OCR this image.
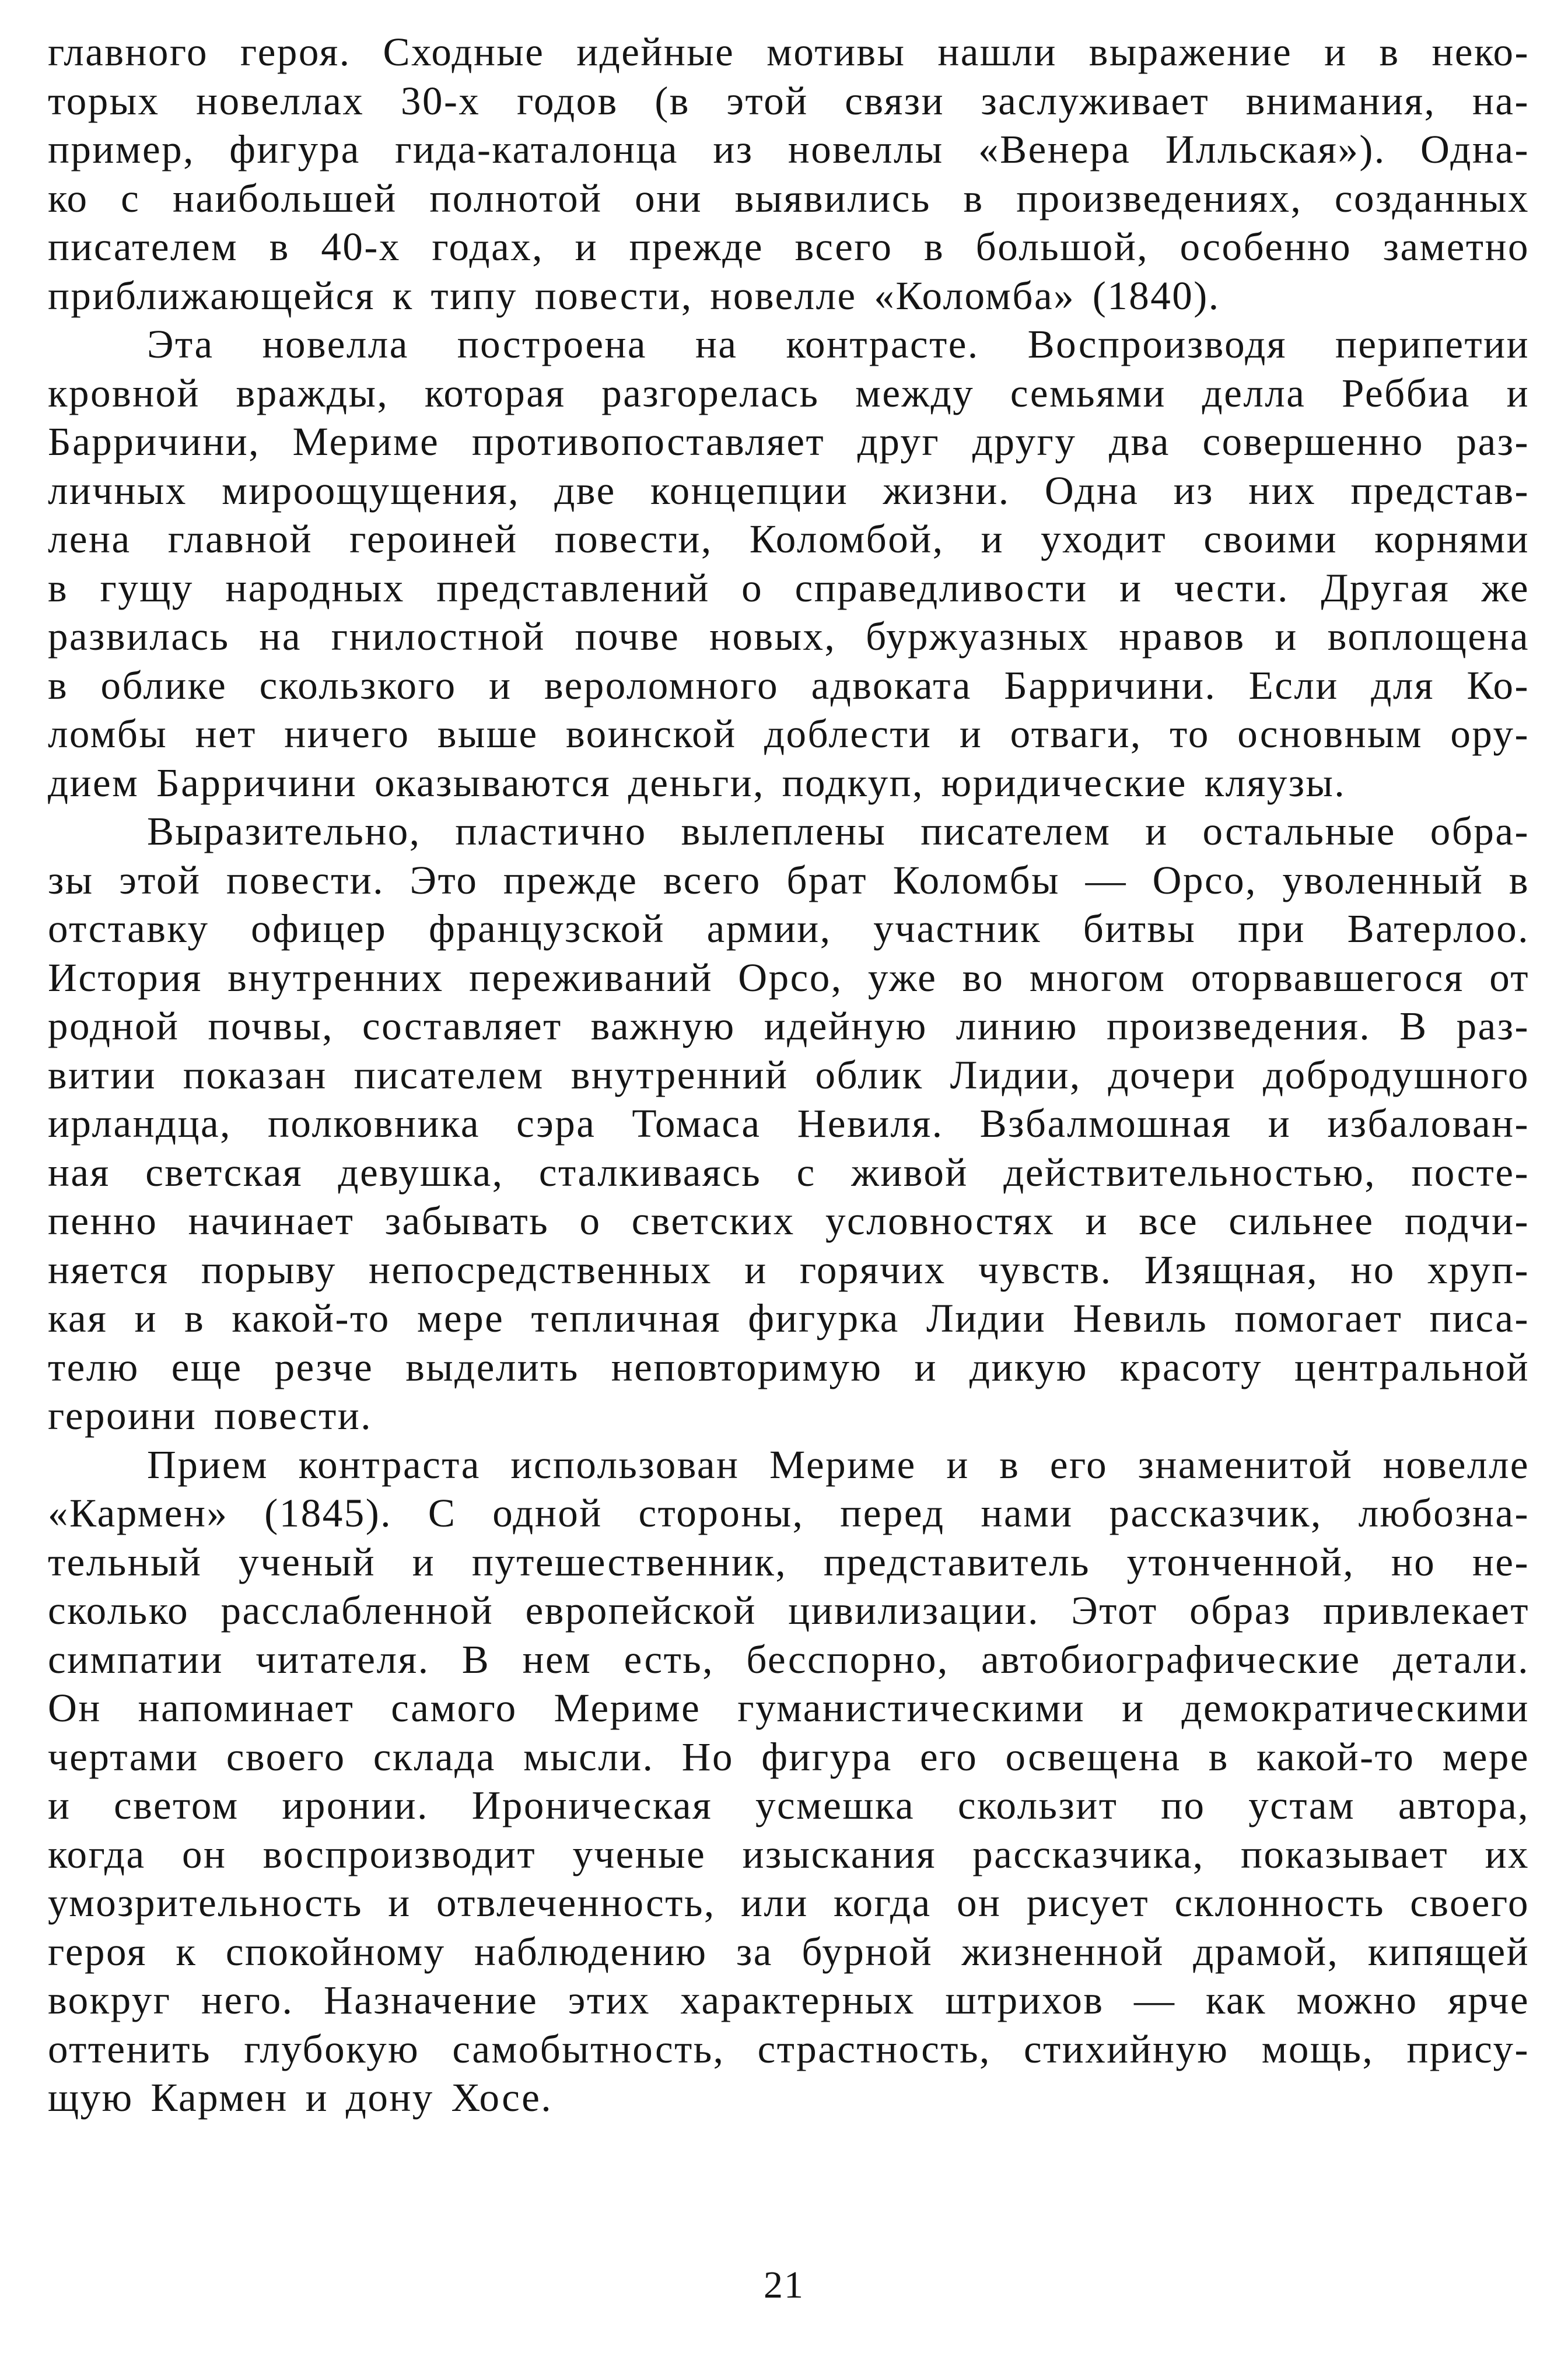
главного героя. Сходные идейные мотивы нашли выражение и в неко-
торых новеллах 30-х годов (в этой связи заслуживает внимания, на-
пример, фигура гида-каталонца из новеллы «Венера Илльская»). Одна-
ко с наибольшей полнотой они выявились в произведениях, созданных
писателем в 40-х годах, и прежде всего в большой, особенно заметно
приближающейся к типу повести, новелле «Коломба» (1840).

Эта новелла построена на контрасте. Воспроизводя перипетии
кровной вражды, которая разгорелась между семьями делла Реббиа и
Барричини, Мериме противопоставляет друг другу два совершенно раз-
личных мироощущения, две концепции жизни. Одна из них представ-
лена главной героиней повести, Коломбой, и уходит своими корнями
в гущу народных представлений о справедливости и чести. Другая же
развилась на гнилостной почве новых, буржуазных нравов и воплощена
в облике скользкого и вероломного адвоката Барричини. Если для Ко-
ломбы нет ничего выше воинской доблести и отваги, то основным ору-
дием Барричини оказываются деньги, подкуп, юридические кляузы.

Выразительно, пластично вылеплены писателем и остальные обра-
зы этой повести. Это прежде всего брат Коломбы — Орсо, уволенный в
отставку офицер французской армии, участник битвы при Ватерлоо.
История внутренних переживаний Орсо, уже во многом оторвавшегося от
родной почвы, составляет важную идейную линию произведения. В раз-
витии показан писателем внутренний облик Лидии, дочери добродушного
ирландца, полковника сэра Томаса Невиля. Взбалмошная и избалован-
ная светская девушка, сталкиваясь с живой действительностью, посте-
пенно начинает забывать о светских условностях и все сильнее подчи-
няется порыву непосредственных и горячих чувств. Изящная, но хруп-
кая и в какой-то мере тепличная фигурка Лидии Невиль помогает писа-
телю еще резче выделить неповторимую и дикую красоту центральной
героини повести.

Прием контраста использован Мериме и в его знаменитой новелле
«Кармен» (1845). С одной стороны, перед нами рассказчик, любозна-
тельный ученый и путешественник, представитель утонченной, но не-
сколько расслабленной европейской цивилизации. Этот образ привлекает
симпатии читателя. В нем есть, бесспорно, автобиографические детали.
Он напоминает самого Мериме гуманистическими и демократическими
чертами своего склада мысли. Но фигура его освещена в какой-то мере
и светом иронии. Ироническая усмешка скользит по устам автора,
когда он воспроизводит ученые изыскания рассказчика, показывает их
умозрительность и отвлеченность, или когда он рисует склонность своего
героя к спокойному наблюдению за бурной жизненной драмой, кипящей
вокруг него. Назначение этих характерных штрихов — как можно ярче
оттенить глубокую самобытность, страстность, стихийную мощь, прису-
щую Кармен и дону Хосе.

21
